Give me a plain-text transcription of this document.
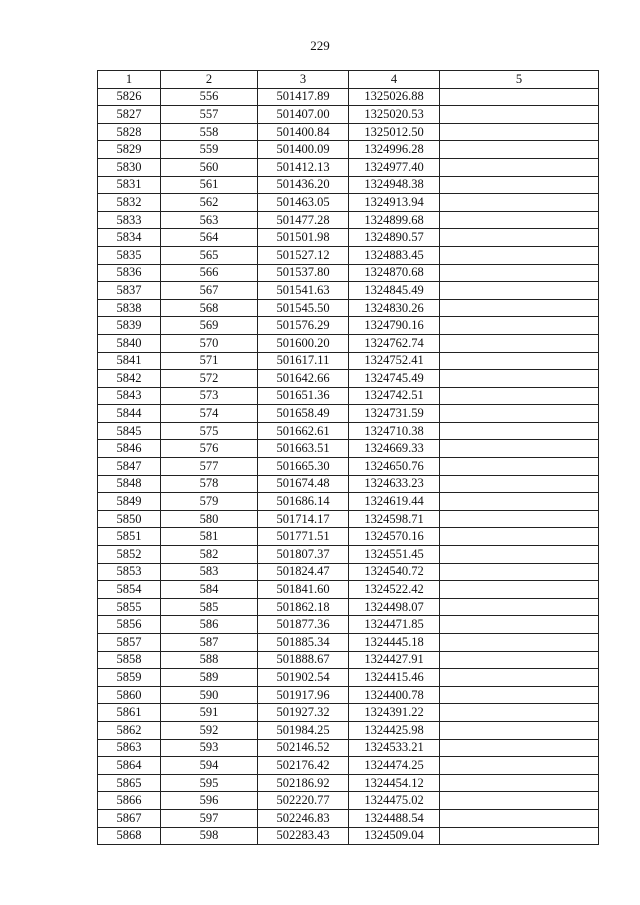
229
1	2	3	4	5
5826	556	501417.89	1325026.88	
5827	557	501407.00	1325020.53	
5828	558	501400.84	1325012.50	
5829	559	501400.09	1324996.28	
5830	560	501412.13	1324977.40	
5831	561	501436.20	1324948.38	
5832	562	501463.05	1324913.94	
5833	563	501477.28	1324899.68	
5834	564	501501.98	1324890.57	
5835	565	501527.12	1324883.45	
5836	566	501537.80	1324870.68	
5837	567	501541.63	1324845.49	
5838	568	501545.50	1324830.26	
5839	569	501576.29	1324790.16	
5840	570	501600.20	1324762.74	
5841	571	501617.11	1324752.41	
5842	572	501642.66	1324745.49	
5843	573	501651.36	1324742.51	
5844	574	501658.49	1324731.59	
5845	575	501662.61	1324710.38	
5846	576	501663.51	1324669.33	
5847	577	501665.30	1324650.76	
5848	578	501674.48	1324633.23	
5849	579	501686.14	1324619.44	
5850	580	501714.17	1324598.71	
5851	581	501771.51	1324570.16	
5852	582	501807.37	1324551.45	
5853	583	501824.47	1324540.72	
5854	584	501841.60	1324522.42	
5855	585	501862.18	1324498.07	
5856	586	501877.36	1324471.85	
5857	587	501885.34	1324445.18	
5858	588	501888.67	1324427.91	
5859	589	501902.54	1324415.46	
5860	590	501917.96	1324400.78	
5861	591	501927.32	1324391.22	
5862	592	501984.25	1324425.98	
5863	593	502146.52	1324533.21	
5864	594	502176.42	1324474.25	
5865	595	502186.92	1324454.12	
5866	596	502220.77	1324475.02	
5867	597	502246.83	1324488.54	
5868	598	502283.43	1324509.04	
